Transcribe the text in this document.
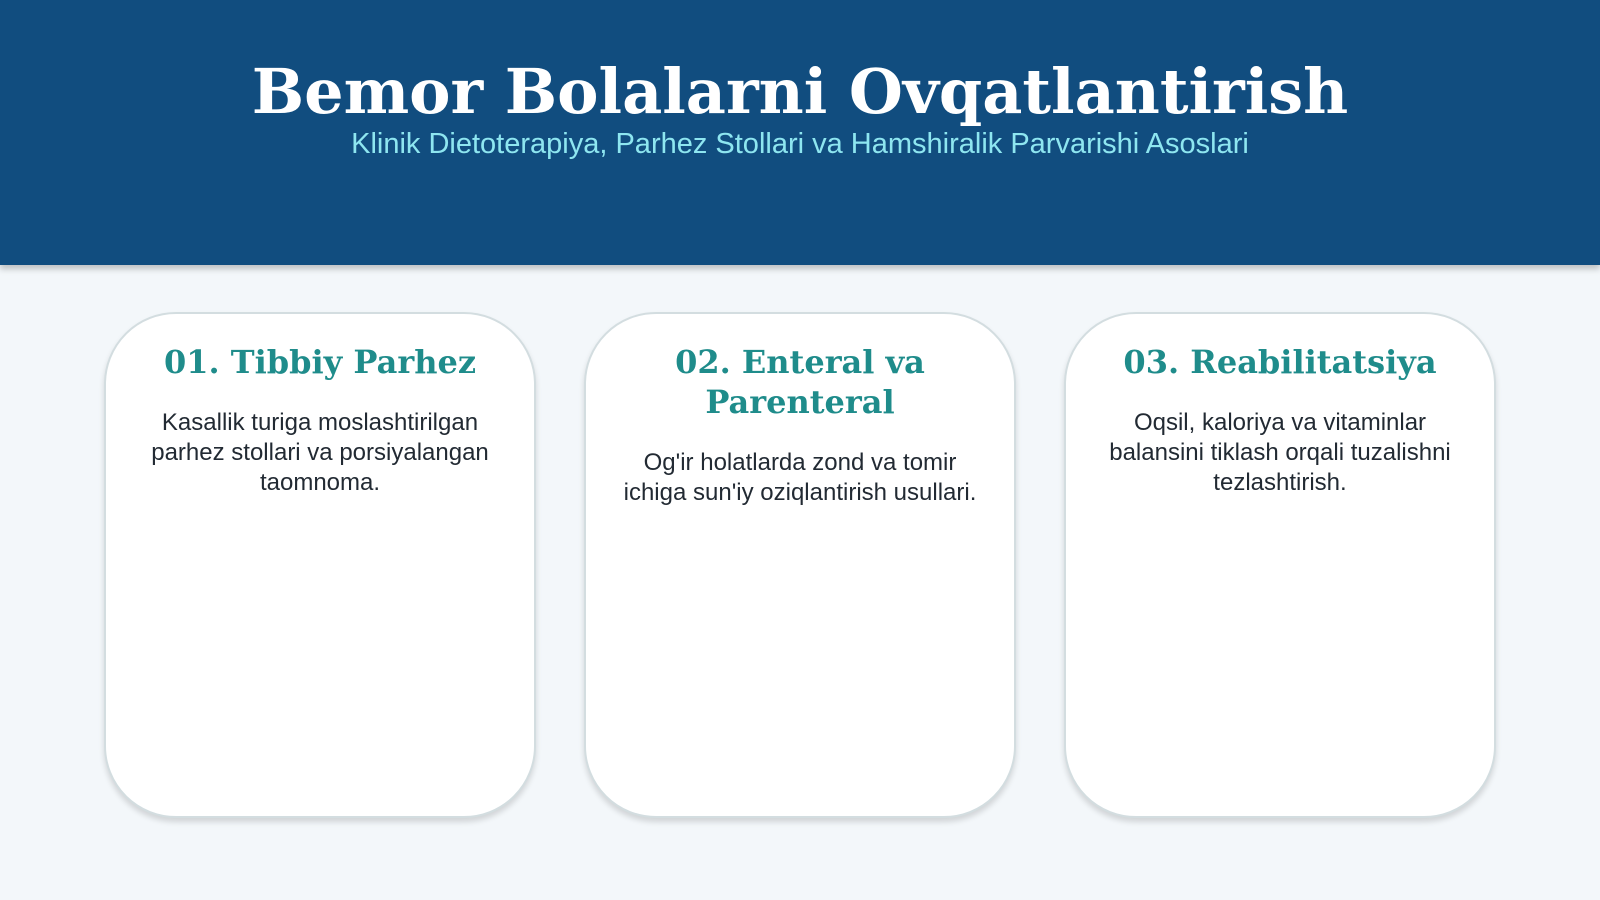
Bemor Bolalarni Ovqatlantirish
Klinik Dietoterapiya, Parhez Stollari va Hamshiralik Parvarishi Asoslari
01. Tibbiy Parhez

Kasallik turiga moslashtirilgan parhez stollari va porsiyalangan taomnoma.

02. Enteral va Parenteral

Og'ir holatlarda zond va tomir ichiga sun'iy oziqlantirish usullari.

03. Reabilitatsiya

Oqsil, kaloriya va vitaminlar balansini tiklash orqali tuzalishni tezlashtirish.
